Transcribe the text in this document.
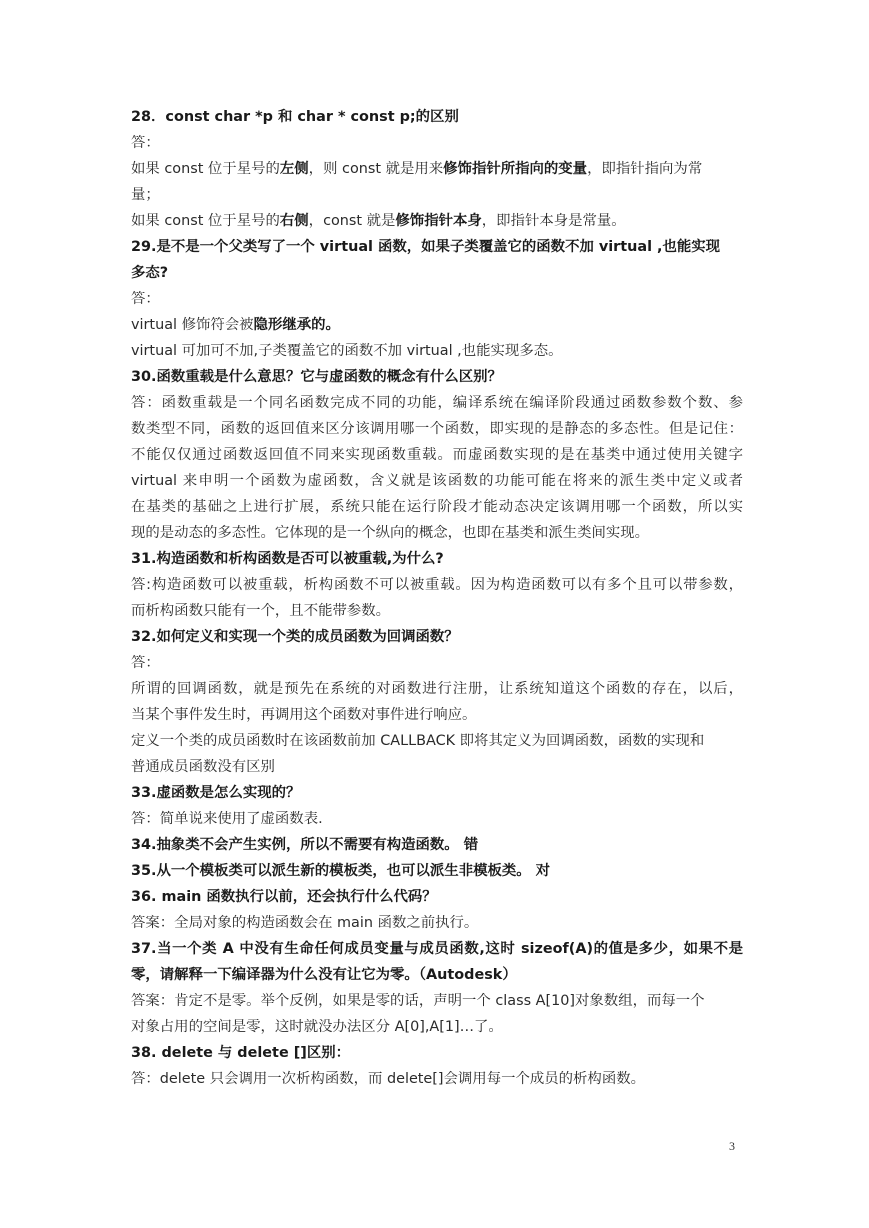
28．const char *p 和 char * const p;的区别
答：
如果 const 位于星号的左侧，则 const 就是用来修饰指针所指向的变量，即指针指向为常
量；
如果 const 位于星号的右侧，const 就是修饰指针本身，即指针本身是常量。
29.是不是一个父类写了一个 virtual 函数，如果子类覆盖它的函数不加 virtual ,也能实现
多态?
答：
virtual 修饰符会被隐形继承的。
virtual 可加可不加,子类覆盖它的函数不加 virtual ,也能实现多态。
30.函数重载是什么意思？它与虚函数的概念有什么区别？
答：函数重载是一个同名函数完成不同的功能，编译系统在编译阶段通过函数参数个数、参
数类型不同，函数的返回值来区分该调用哪一个函数，即实现的是静态的多态性。但是记住：
不能仅仅通过函数返回值不同来实现函数重载。而虚函数实现的是在基类中通过使用关键字
virtual 来申明一个函数为虚函数，含义就是该函数的功能可能在将来的派生类中定义或者
在基类的基础之上进行扩展，系统只能在运行阶段才能动态决定该调用哪一个函数，所以实
现的是动态的多态性。它体现的是一个纵向的概念，也即在基类和派生类间实现。
31.构造函数和析构函数是否可以被重载,为什么?
答:构造函数可以被重载，析构函数不可以被重载。因为构造函数可以有多个且可以带参数，
而析构函数只能有一个，且不能带参数。
32.如何定义和实现一个类的成员函数为回调函数？
答：
所谓的回调函数，就是预先在系统的对函数进行注册，让系统知道这个函数的存在，以后，
当某个事件发生时，再调用这个函数对事件进行响应。
定义一个类的成员函数时在该函数前加 CALLBACK 即将其定义为回调函数，函数的实现和
普通成员函数没有区别
33.虚函数是怎么实现的？
答：简单说来使用了虚函数表.
34.抽象类不会产生实例，所以不需要有构造函数。 错
35.从一个模板类可以派生新的模板类，也可以派生非模板类。 对
36. main 函数执行以前，还会执行什么代码？
答案：全局对象的构造函数会在 main 函数之前执行。
37.当一个类 A 中没有生命任何成员变量与成员函数,这时 sizeof(A)的值是多少，如果不是
零，请解释一下编译器为什么没有让它为零。（Autodesk）
答案：肯定不是零。举个反例，如果是零的话，声明一个 class A[10]对象数组，而每一个
对象占用的空间是零，这时就没办法区分 A[0],A[1]…了。
38. delete 与 delete []区别：
答：delete 只会调用一次析构函数，而 delete[]会调用每一个成员的析构函数。
3
